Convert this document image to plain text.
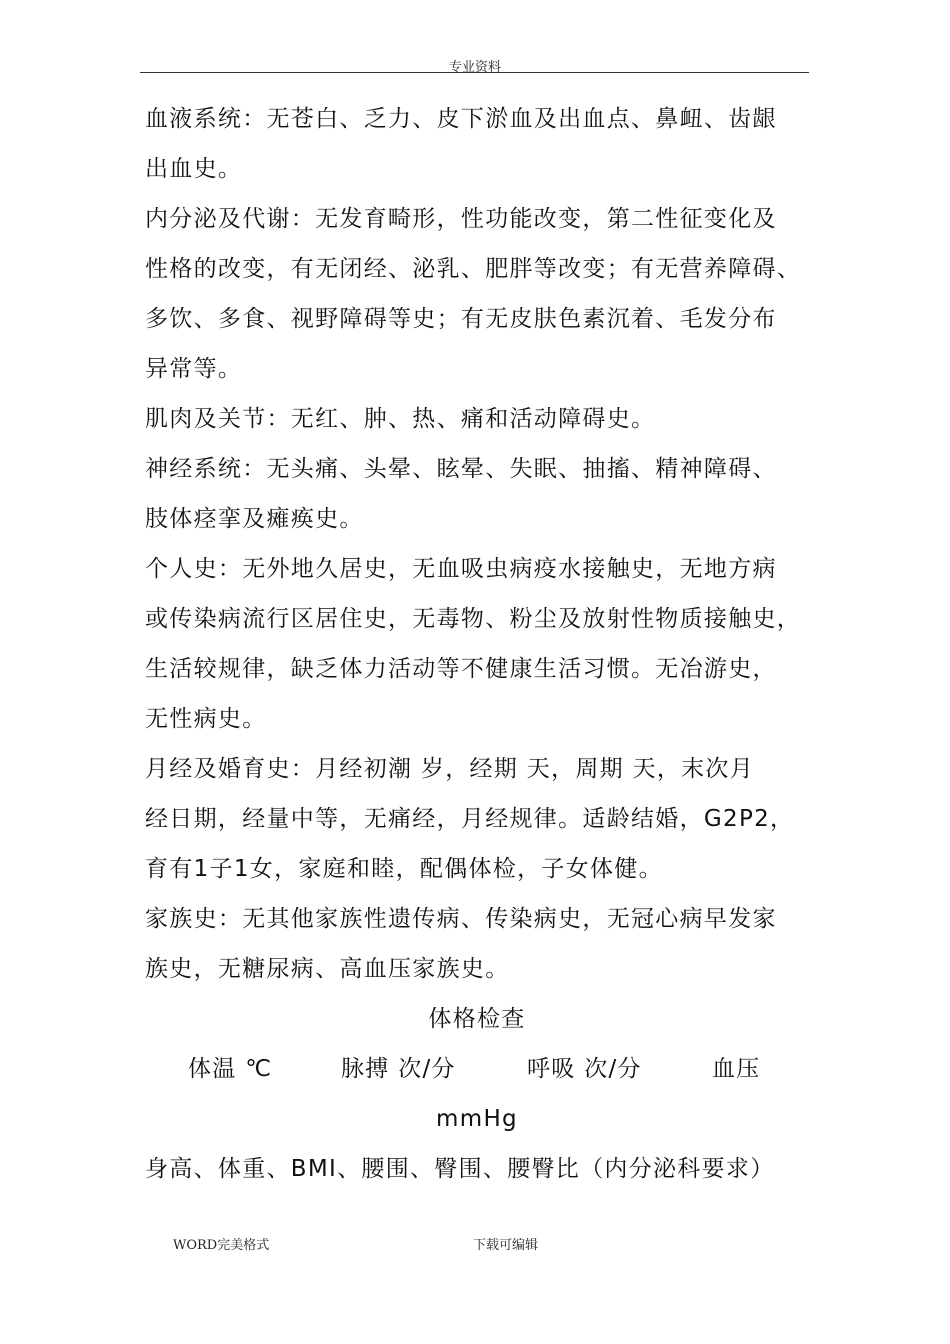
专业资料
血液系统：无苍白、乏力、皮下淤血及出血点、鼻衄、齿龈
出血史。
内分泌及代谢：无发育畸形，性功能改变，第二性征变化及
性格的改变，有无闭经、泌乳、肥胖等改变；有无营养障碍、
多饮、多食、视野障碍等史；有无皮肤色素沉着、毛发分布
异常等。
肌肉及关节：无红、肿、热、痛和活动障碍史。
神经系统：无头痛、头晕、眩晕、失眠、抽搐、精神障碍、
肢体痉挛及瘫痪史。
个人史：无外地久居史，无血吸虫病疫水接触史，无地方病
或传染病流行区居住史，无毒物、粉尘及放射性物质接触史，
生活较规律，缺乏体力活动等不健康生活习惯。无冶游史，
无性病史。
月经及婚育史：月经初潮 岁，经期 天，周期 天，末次月
经日期，经量中等，无痛经，月经规律。适龄结婚，G2P2，
育有1子1女，家庭和睦，配偶体检，子女体健。
家族史：无其他家族性遗传病、传染病史，无冠心病早发家
族史，无糖尿病、高血压家族史。
体格检查
体温 ℃	脉搏 次/分	呼吸 次/分	血压
mmHg
身高、体重、BMI、腰围、臀围、腰臀比（内分泌科要求）
WORD完美格式	下载可编辑
